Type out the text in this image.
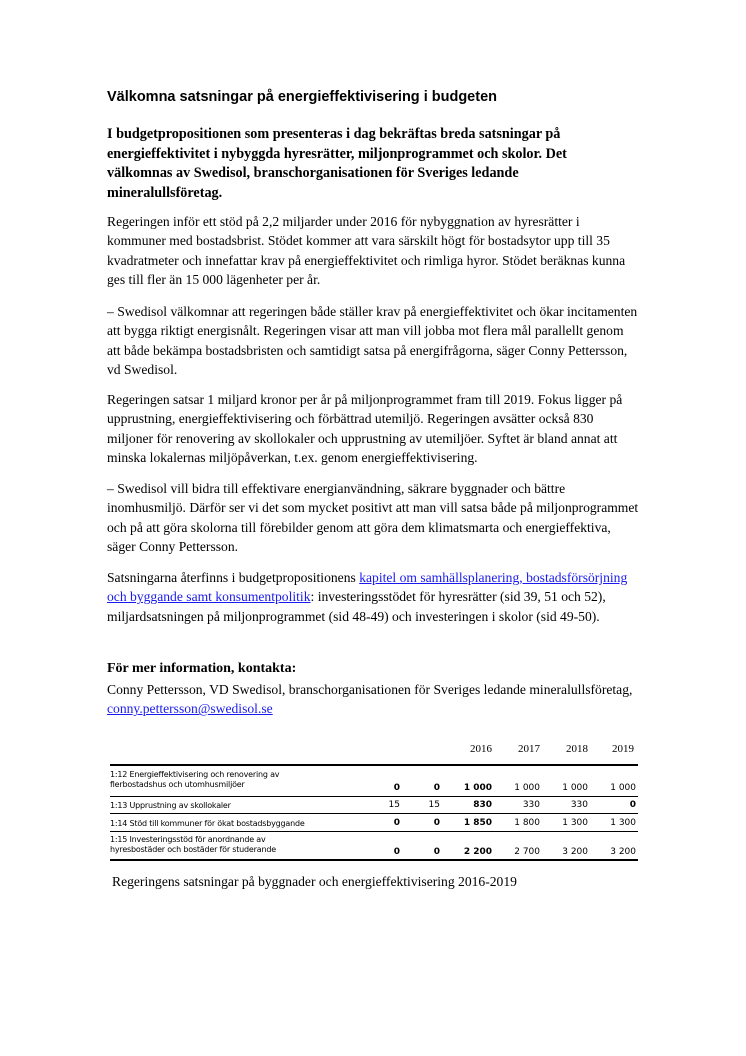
Välkomna satsningar på energieffektivisering i budgeten
I budgetpropositionen som presenteras i dag bekräftas breda satsningar på energieffektivitet i nybyggda hyresrätter, miljonprogrammet och skolor. Det välkomnas av Swedisol, branschorganisationen för Sveriges ledande mineralullsföretag.
Regeringen inför ett stöd på 2,2 miljarder under 2016 för nybyggnation av hyresrätter i kommuner med bostadsbrist. Stödet kommer att vara särskilt högt för bostadsytor upp till 35 kvadratmeter och innefattar krav på energieffektivitet och rimliga hyror. Stödet beräknas kunna ges till fler än 15 000 lägenheter per år.
– Swedisol välkomnar att regeringen både ställer krav på energieffektivitet och ökar incitamenten att bygga riktigt energisnålt. Regeringen visar att man vill jobba mot flera mål parallellt genom att både bekämpa bostadsbristen och samtidigt satsa på energifrågorna, säger Conny Pettersson, vd Swedisol.
Regeringen satsar 1 miljard kronor per år på miljonprogrammet fram till 2019. Fokus ligger på upprustning, energieffektivisering och förbättrad utemiljö. Regeringen avsätter också 830 miljoner för renovering av skollokaler och upprustning av utemiljöer. Syftet är bland annat att minska lokalernas miljöpåverkan, t.ex. genom energieffektivisering.
– Swedisol vill bidra till effektivare energianvändning, säkrare byggnader och bättre inomhusmiljö. Därför ser vi det som mycket positivt att man vill satsa både på miljonprogrammet och på att göra skolorna till förebilder genom att göra dem klimatsmarta och energieffektiva, säger Conny Pettersson.
Satsningarna återfinns i budgetpropositionens kapitel om samhällsplanering, bostadsförsörjning och byggande samt konsumentpolitik: investeringsstödet för hyresrätter (sid 39, 51 och 52), miljardsatsningen på miljonprogrammet (sid 48-49) och investeringen i skolor (sid 49-50).
För mer information, kontakta:
Conny Pettersson, VD Swedisol, branschorganisationen för Sveriges ledande mineralullsföretag,
conny.pettersson@swedisol.se
2016 2017 2018 2019
1:12 Energieffektivisering och renovering av flerbostadshus och utomhusmiljöer	0	0	1 000	1 000	1 000	1 000
1:13 Upprustning av skollokaler	15	15	830	330	330	0
1:14 Stöd till kommuner för ökat bostadsbyggande	0	0	1 850	1 800	1 300	1 300
1:15 Investeringsstöd för anordnande av hyresbostäder och bostäder för studerande	0	0	2 200	2 700	3 200	3 200
Regeringens satsningar på byggnader och energieffektivisering 2016-2019
